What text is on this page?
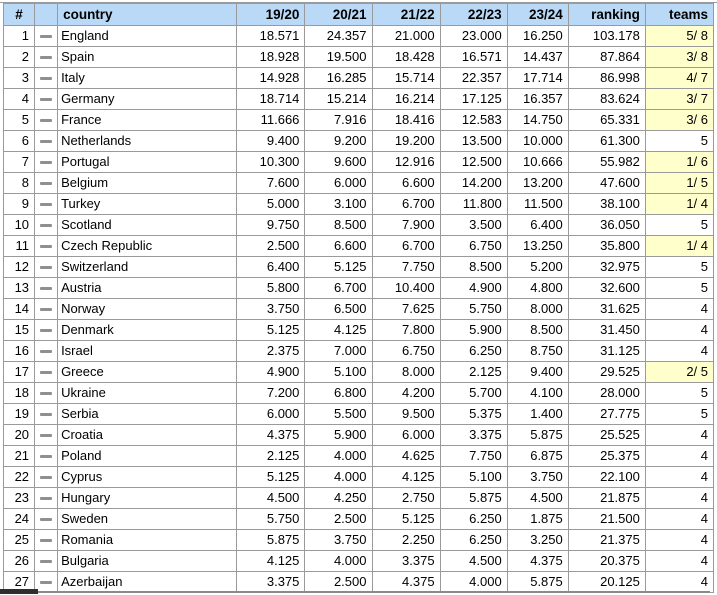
#		country	19/20	20/21	21/22	22/23	23/24	ranking	teams
1		England	18.571	24.357	21.000	23.000	16.250	103.178	5/ 8
2		Spain	18.928	19.500	18.428	16.571	14.437	87.864	3/ 8
3		Italy	14.928	16.285	15.714	22.357	17.714	86.998	4/ 7
4		Germany	18.714	15.214	16.214	17.125	16.357	83.624	3/ 7
5		France	11.666	7.916	18.416	12.583	14.750	65.331	3/ 6
6		Netherlands	9.400	9.200	19.200	13.500	10.000	61.300	5
7		Portugal	10.300	9.600	12.916	12.500	10.666	55.982	1/ 6
8		Belgium	7.600	6.000	6.600	14.200	13.200	47.600	1/ 5
9		Turkey	5.000	3.100	6.700	11.800	11.500	38.100	1/ 4
10		Scotland	9.750	8.500	7.900	3.500	6.400	36.050	5
11		Czech Republic	2.500	6.600	6.700	6.750	13.250	35.800	1/ 4
12		Switzerland	6.400	5.125	7.750	8.500	5.200	32.975	5
13		Austria	5.800	6.700	10.400	4.900	4.800	32.600	5
14		Norway	3.750	6.500	7.625	5.750	8.000	31.625	4
15		Denmark	5.125	4.125	7.800	5.900	8.500	31.450	4
16		Israel	2.375	7.000	6.750	6.250	8.750	31.125	4
17		Greece	4.900	5.100	8.000	2.125	9.400	29.525	2/ 5
18		Ukraine	7.200	6.800	4.200	5.700	4.100	28.000	5
19		Serbia	6.000	5.500	9.500	5.375	1.400	27.775	5
20		Croatia	4.375	5.900	6.000	3.375	5.875	25.525	4
21		Poland	2.125	4.000	4.625	7.750	6.875	25.375	4
22		Cyprus	5.125	4.000	4.125	5.100	3.750	22.100	4
23		Hungary	4.500	4.250	2.750	5.875	4.500	21.875	4
24		Sweden	5.750	2.500	5.125	6.250	1.875	21.500	4
25		Romania	5.875	3.750	2.250	6.250	3.250	21.375	4
26		Bulgaria	4.125	4.000	3.375	4.500	4.375	20.375	4
27		Azerbaijan	3.375	2.500	4.375	4.000	5.875	20.125	4
